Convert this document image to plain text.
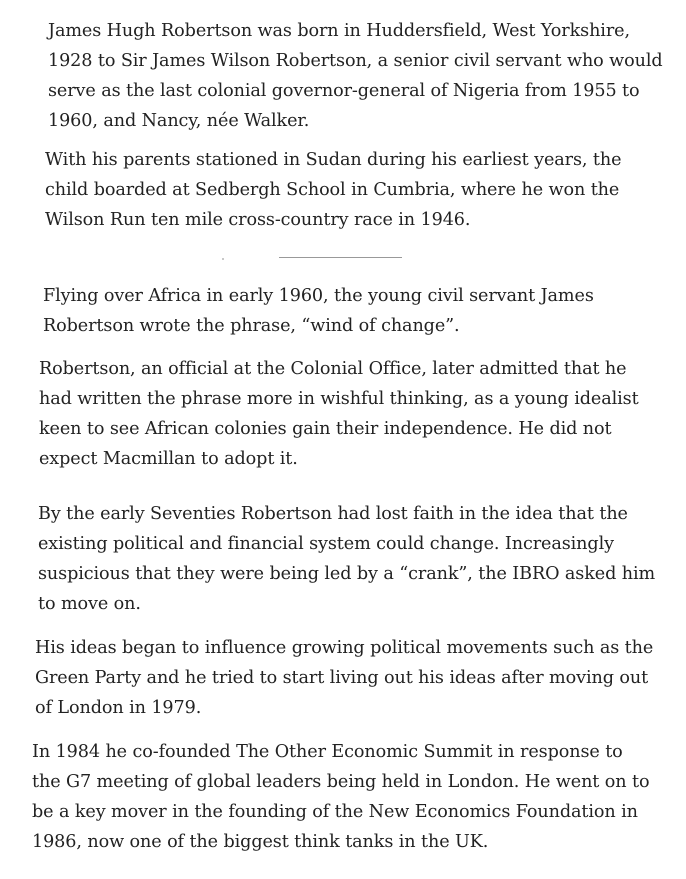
James Hugh Robertson was born in Huddersfield, West Yorkshire,
1928 to Sir James Wilson Robertson, a senior civil servant who would
serve as the last colonial governor-general of Nigeria from 1955 to
1960, and Nancy, née Walker.

With his parents stationed in Sudan during his earliest years, the
child boarded at Sedbergh School in Cumbria, where he won the
Wilson Run ten mile cross-country race in 1946.

Flying over Africa in early 1960, the young civil servant James
Robertson wrote the phrase, “wind of change”.

Robertson, an official at the Colonial Office, later admitted that he
had written the phrase more in wishful thinking, as a young idealist
keen to see African colonies gain their independence. He did not
expect Macmillan to adopt it.

By the early Seventies Robertson had lost faith in the idea that the
existing political and financial system could change. Increasingly
suspicious that they were being led by a “crank”, the IBRO asked him
to move on.

His ideas began to influence growing political movements such as the
Green Party and he tried to start living out his ideas after moving out
of London in 1979.

In 1984 he co-founded The Other Economic Summit in response to
the G7 meeting of global leaders being held in London. He went on to
be a key mover in the founding of the New Economics Foundation in
1986, now one of the biggest think tanks in the UK.
